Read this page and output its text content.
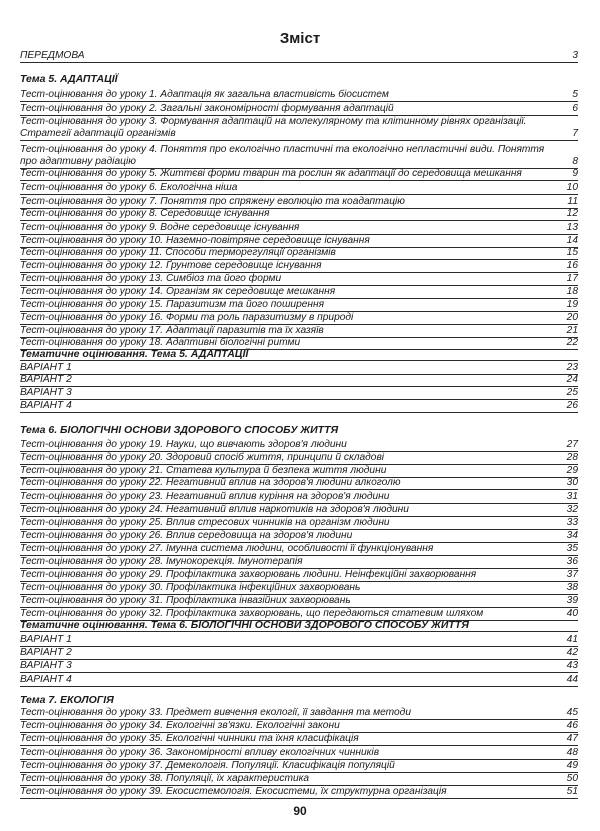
Зміст
ПЕРЕДМОВА	3
Тема 5. АДАПТАЦІЇ
Тест-оцінювання до уроку 1. Адаптація як загальна властивість біосистем	5
Тест-оцінювання до уроку 2. Загальні закономірності формування адаптацій	6
Тест-оцінювання до уроку 3. Формування адаптацій на молекулярному та клітинному рівнях організації. Стратегії адаптацій організмів	7
Тест-оцінювання до уроку 4. Поняття про екологічно пластичні та екологічно непластичні види. Поняття про адаптивну радіацію	8
Тест-оцінювання до уроку 5. Життєві форми тварин та рослин як адаптації до середовища мешкання	9
Тест-оцінювання до уроку 6. Екологічна ніша	10
Тест-оцінювання до уроку 7. Поняття про спряжену еволюцію та коадаптацію	11
Тест-оцінювання до уроку 8. Середовище існування	12
Тест-оцінювання до уроку 9. Водне середовище існування	13
Тест-оцінювання до уроку 10. Наземно-повітряне середовище існування	14
Тест-оцінювання до уроку 11. Способи терморегуляції організмів	15
Тест-оцінювання до уроку 12. Ґрунтове середовище існування	16
Тест-оцінювання до уроку 13. Симбіоз та його форми	17
Тест-оцінювання до уроку 14. Організм як середовище мешкання	18
Тест-оцінювання до уроку 15. Паразитизм та його поширення	19
Тест-оцінювання до уроку 16. Форми та роль паразитизму в природі	20
Тест-оцінювання до уроку 17. Адаптації паразитів та їх хазяїв	21
Тест-оцінювання до уроку 18. Адаптивні біологічні ритми	22
Тематичне оцінювання. Тема 5. АДАПТАЦІЇ
ВАРІАНТ 1	23
ВАРІАНТ 2	24
ВАРІАНТ 3	25
ВАРІАНТ 4	26
Тема 6. БІОЛОГІЧНІ ОСНОВИ ЗДОРОВОГО СПОСОБУ ЖИТТЯ
Тест-оцінювання до уроку 19. Науки, що вивчають здоров'я людини	27
Тест-оцінювання до уроку 20. Здоровий спосіб життя, принципи й складові	28
Тест-оцінювання до уроку 21. Статева культура й безпека життя людини	29
Тест-оцінювання до уроку 22. Негативний вплив на здоров'я людини алкоголю	30
Тест-оцінювання до уроку 23. Негативний вплив куріння на здоров'я людини	31
Тест-оцінювання до уроку 24. Негативний вплив наркотиків на здоров'я людини	32
Тест-оцінювання до уроку 25. Вплив стресових чинників на організм людини	33
Тест-оцінювання до уроку 26. Вплив середовища на здоров'я людини	34
Тест-оцінювання до уроку 27. Імунна система людини, особливості її функціонування	35
Тест-оцінювання до уроку 28. Імунокорекція. Імунотерапія	36
Тест-оцінювання до уроку 29. Профілактика захворювань людини. Неінфекційні захворювання	37
Тест-оцінювання до уроку 30. Профілактика інфекційних захворювань	38
Тест-оцінювання до уроку 31. Профілактика інвазійних захворювань	39
Тест-оцінювання до уроку 32. Профілактика захворювань, що передаються статевим шляхом	40
Тематичне оцінювання. Тема 6. БІОЛОГІЧНІ ОСНОВИ ЗДОРОВОГО СПОСОБУ ЖИТТЯ
ВАРІАНТ 1	41
ВАРІАНТ 2	42
ВАРІАНТ 3	43
ВАРІАНТ 4	44
Тема 7. ЕКОЛОГІЯ
Тест-оцінювання до уроку 33. Предмет вивчення екології, її завдання та методи	45
Тест-оцінювання до уроку 34. Екологічні зв'язки. Екологічні закони	46
Тест-оцінювання до уроку 35. Екологічні чинники та їхня класифікація	47
Тест-оцінювання до уроку 36. Закономірності впливу екологічних чинників	48
Тест-оцінювання до уроку 37. Демекологія. Популяції. Класифікація популяцій	49
Тест-оцінювання до уроку 38. Популяції, їх характеристика	50
Тест-оцінювання до уроку 39. Екосистемологія. Екосистеми, їх структурна організація	51
90
